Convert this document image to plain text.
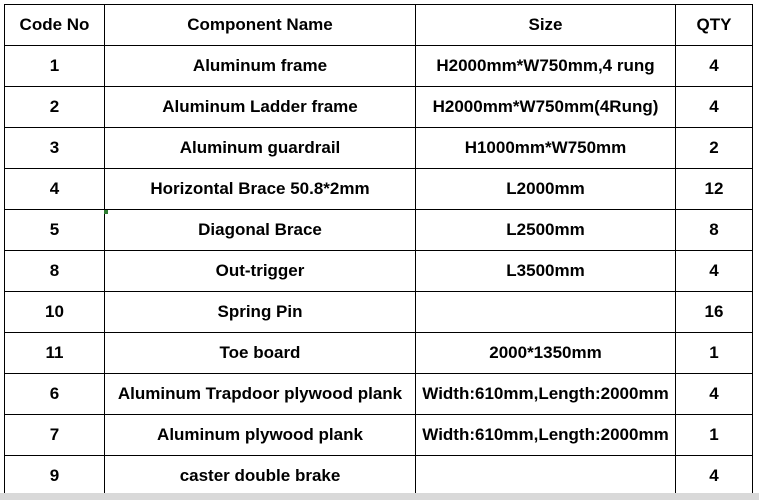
Code No	Component Name	Size	QTY
1	Aluminum frame	H2000mm*W750mm,4 rung	4
2	Aluminum Ladder frame	H2000mm*W750mm(4Rung)	4
3	Aluminum guardrail	H1000mm*W750mm	2
4	Horizontal Brace 50.8*2mm	L2000mm	12
5	Diagonal Brace	L2500mm	8
8	Out-trigger	L3500mm	4
10	Spring Pin		16
11	Toe board	2000*1350mm	1
6	Aluminum Trapdoor plywood plank	Width:610mm,Length:2000mm	4
7	Aluminum plywood plank	Width:610mm,Length:2000mm	1
9	caster double brake		4
